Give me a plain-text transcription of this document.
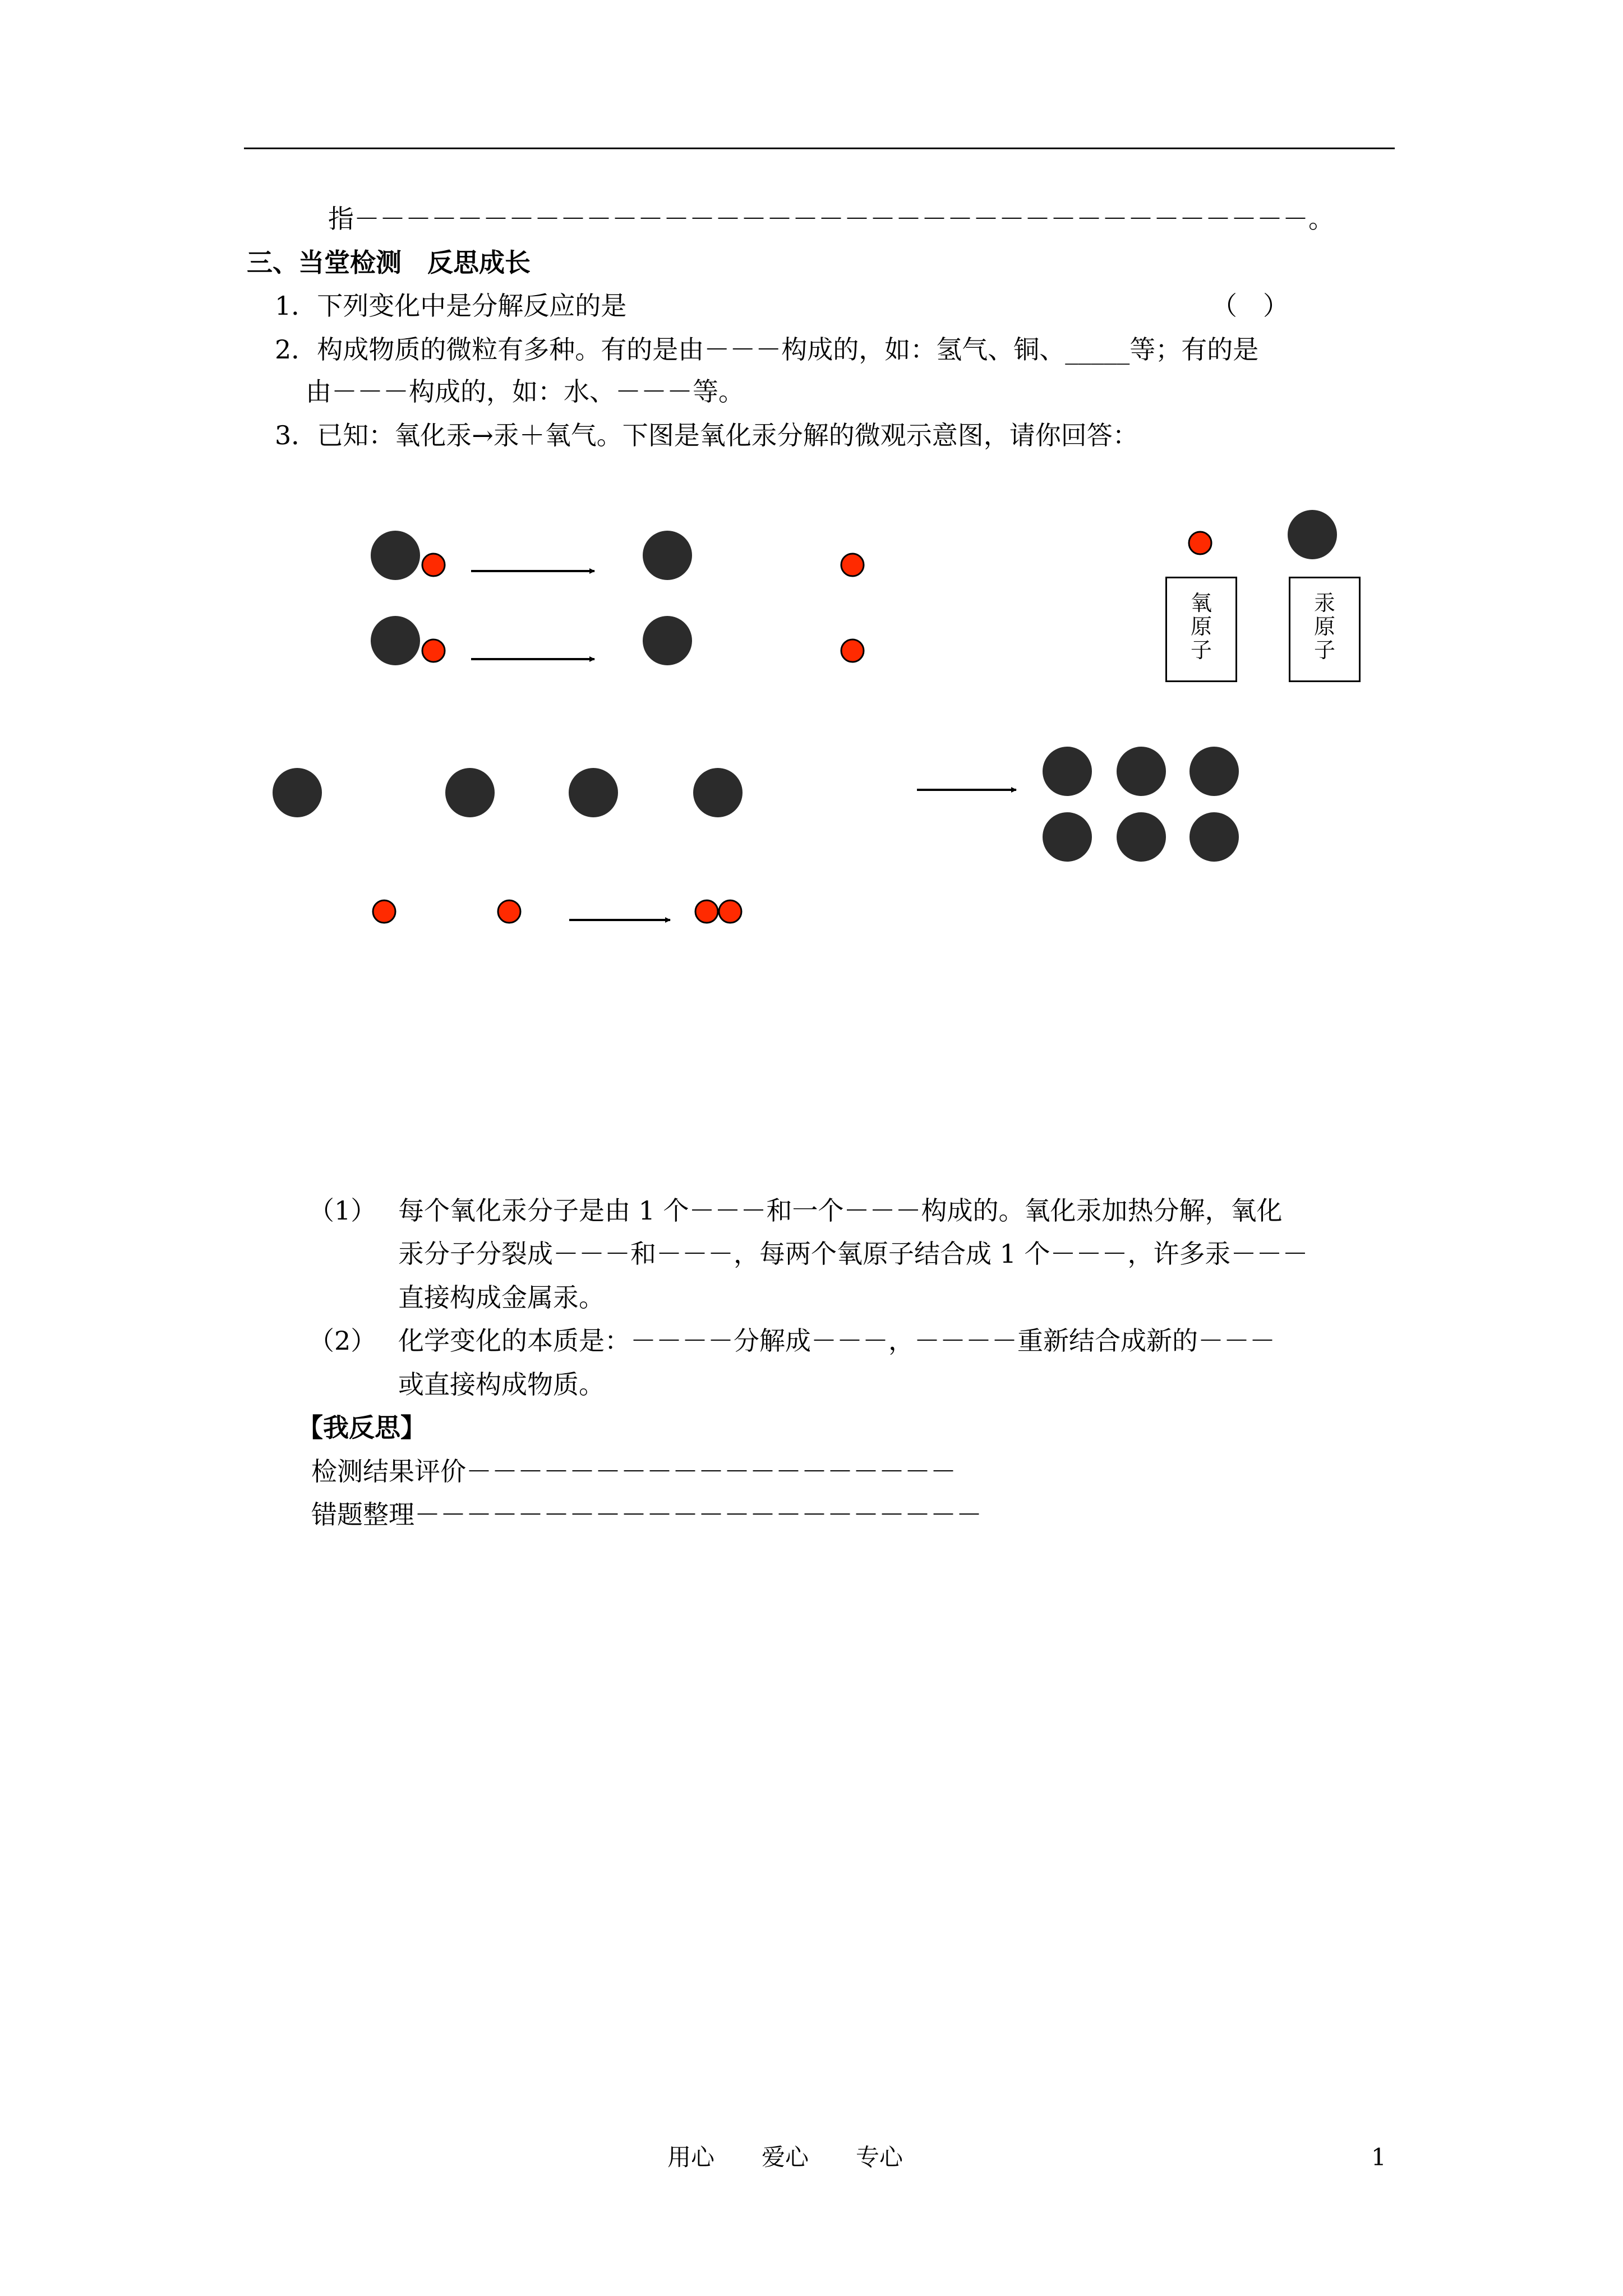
指－－－－－－－－－－－－－－－－－－－－－－－－－－－－－－－－－－－－－。
三、当堂检测　反思成长
1．下列变化中是分解反应的是	（　）
2．构成物质的微粒有多种。有的是由－－－构成的，如：氢气、铜、_____等；有的是
由－－－构成的，如：水、－－－等。
3．已知：氧化汞→汞＋氧气。下图是氧化汞分解的微观示意图，请你回答：
氧
原
子
汞
原
子
（1） 每个氧化汞分子是由 1 个－－－和一个－－－构成的。氧化汞加热分解，氧化
汞分子分裂成－－－和－－－，每两个氧原子结合成 1 个－－－，许多汞－－－
直接构成金属汞。
（2） 化学变化的本质是：－－－－分解成－－－，－－－－重新结合成新的－－－
或直接构成物质。
【我反思】
检测结果评价－－－－－－－－－－－－－－－－－－－
错题整理－－－－－－－－－－－－－－－－－－－－－－
用心　　爱心　　专心	1
